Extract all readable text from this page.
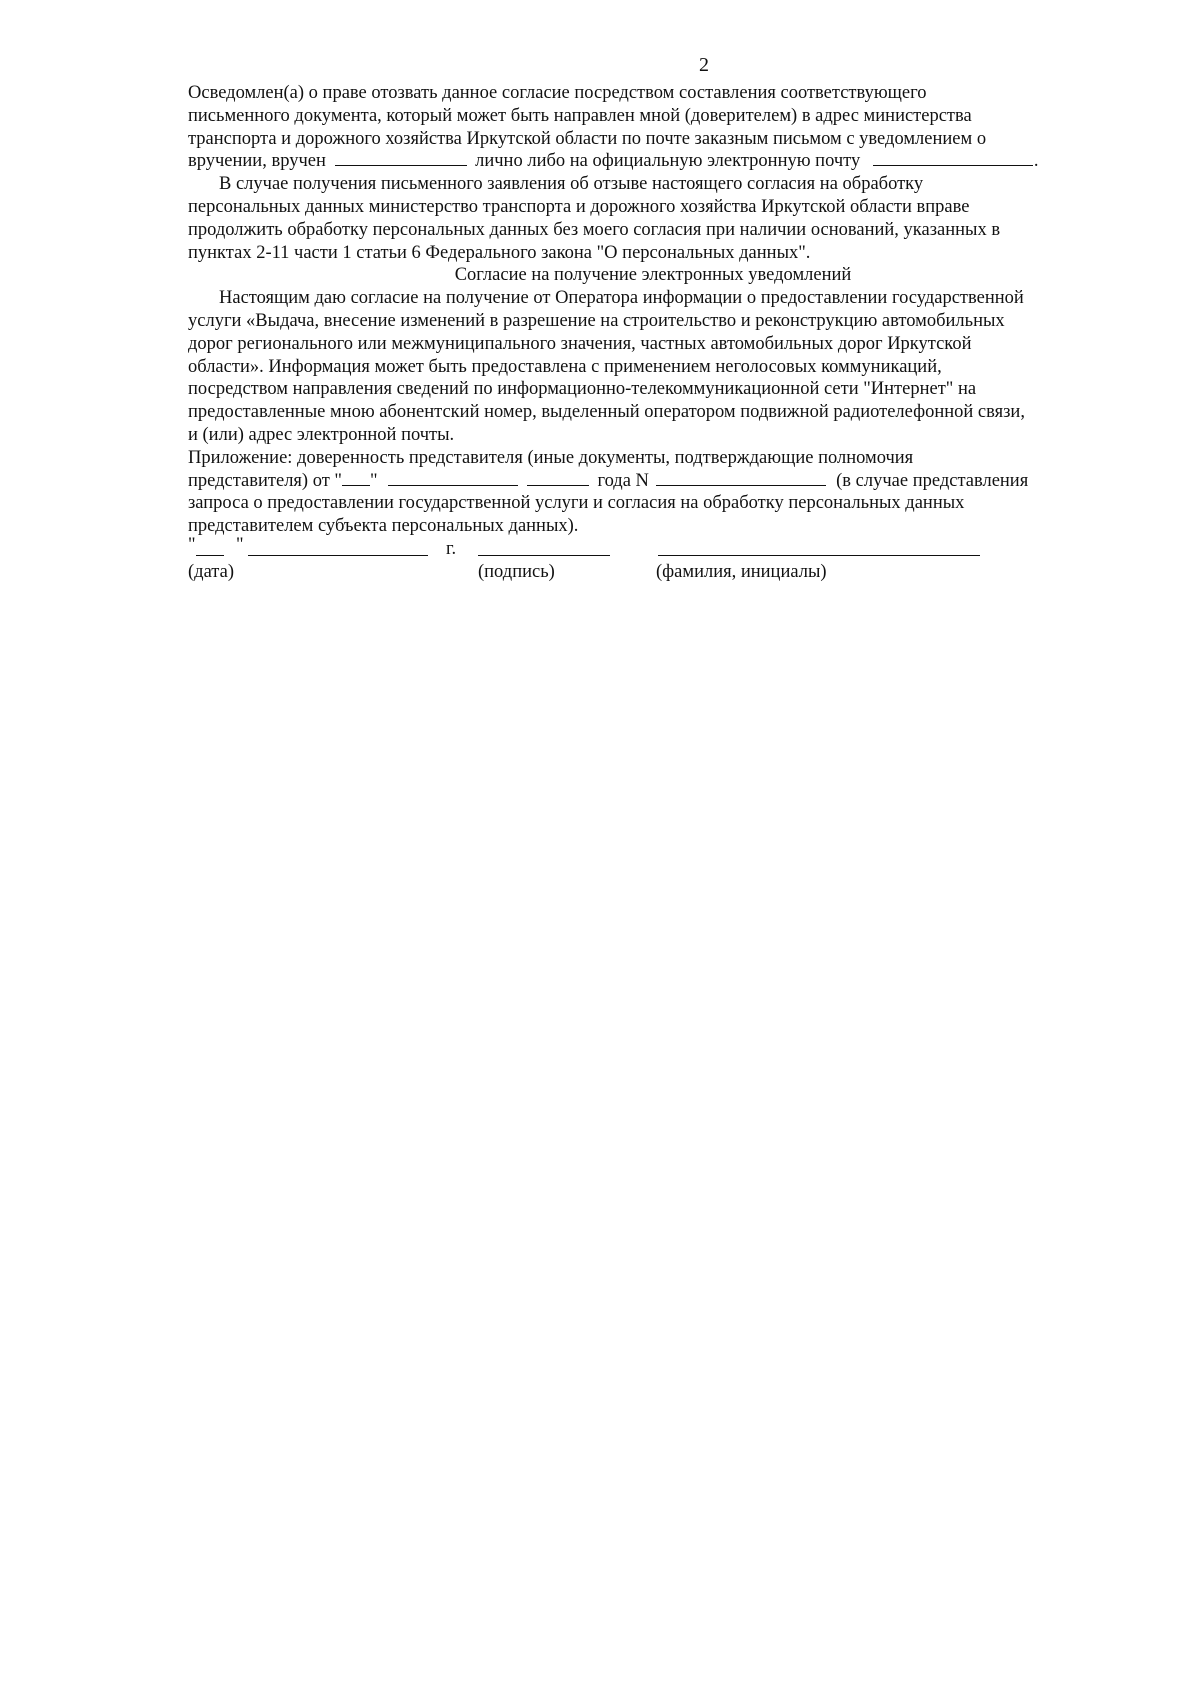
2
Осведомлен(а) о праве отозвать данное согласие посредством составления соответствующего
письменного документа, который может быть направлен мной (доверителем) в адрес министерства
транспорта и дорожного хозяйства Иркутской области по почте заказным письмом с уведомлением о
вручении, вручен	лично либо на официальную электронную почту	.
В случае получения письменного заявления об отзыве настоящего согласия на обработку
персональных данных министерство транспорта и дорожного хозяйства Иркутской области вправе
продолжить обработку персональных данных без моего согласия при наличии оснований, указанных в
пунктах 2-11 части 1 статьи 6 Федерального закона "О персональных данных".
Согласие на получение электронных уведомлений
Настоящим даю согласие на получение от Оператора информации о предоставлении государственной
услуги «Выдача, внесение изменений в разрешение на строительство и реконструкцию автомобильных
дорог регионального или межмуниципального значения, частных автомобильных дорог Иркутской
области». Информация может быть предоставлена с применением неголосовых коммуникаций,
посредством направления сведений по информационно-телекоммуникационной сети "Интернет" на
предоставленные мною абонентский номер, выделенный оператором подвижной радиотелефонной связи,
и (или) адрес электронной почты.
Приложение: доверенность представителя (иные документы, подтверждающие полномочия
представителя) от " "	года N	(в случае представления
запроса о предоставлении государственной услуги и согласия на обработку персональных данных
представителем субъекта персональных данных).
" "	г.
(дата)	(подпись)	(фамилия, инициалы)
